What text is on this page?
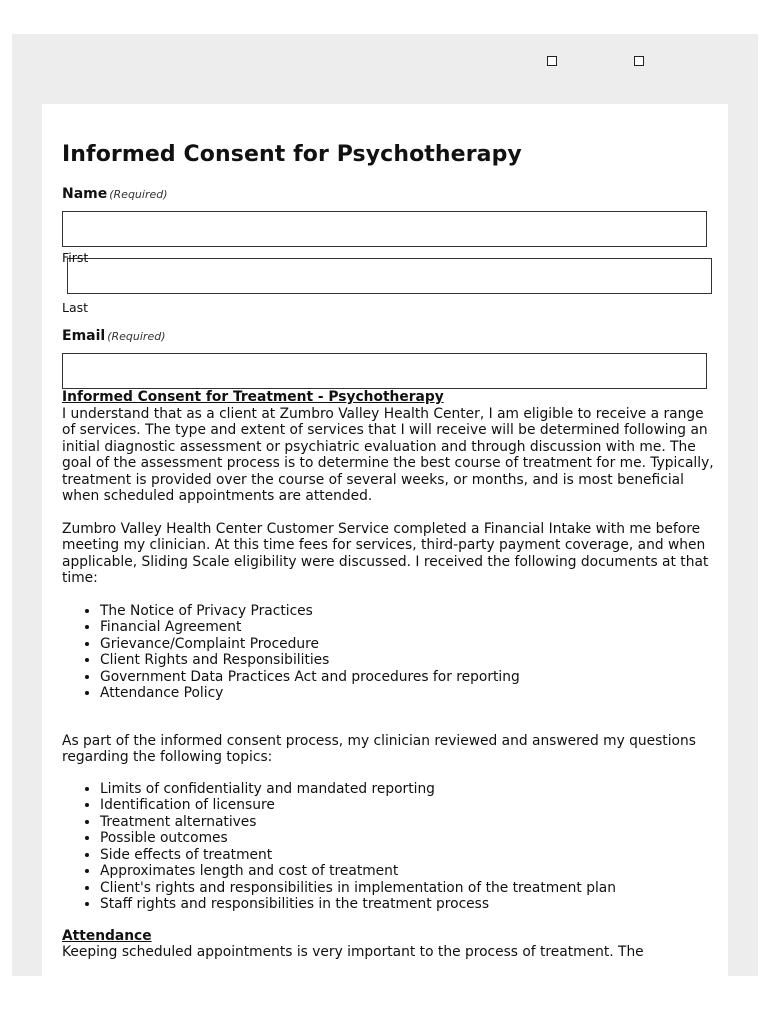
Informed Consent for Psychotherapy
Name (Required)
First
Last
Email (Required)
Informed Consent for Treatment - Psychotherapy
I understand that as a client at Zumbro Valley Health Center, I am eligible to receive a range of services. The type and extent of services that I will receive will be determined following an initial diagnostic assessment or psychiatric evaluation and through discussion with me. The goal of the assessment process is to determine the best course of treatment for me. Typically, treatment is provided over the course of several weeks, or months, and is most beneficial when scheduled appointments are attended.
Zumbro Valley Health Center Customer Service completed a Financial Intake with me before meeting my clinician. At this time fees for services, third-party payment coverage, and when applicable, Sliding Scale eligibility were discussed. I received the following documents at that time:
• The Notice of Privacy Practices
• Financial Agreement
• Grievance/Complaint Procedure
• Client Rights and Responsibilities
• Government Data Practices Act and procedures for reporting
• Attendance Policy
As part of the informed consent process, my clinician reviewed and answered my questions regarding the following topics:
• Limits of confidentiality and mandated reporting
• Identification of licensure
• Treatment alternatives
• Possible outcomes
• Side effects of treatment
• Approximates length and cost of treatment
• Client's rights and responsibilities in implementation of the treatment plan
• Staff rights and responsibilities in the treatment process
Attendance
Keeping scheduled appointments is very important to the process of treatment. The
